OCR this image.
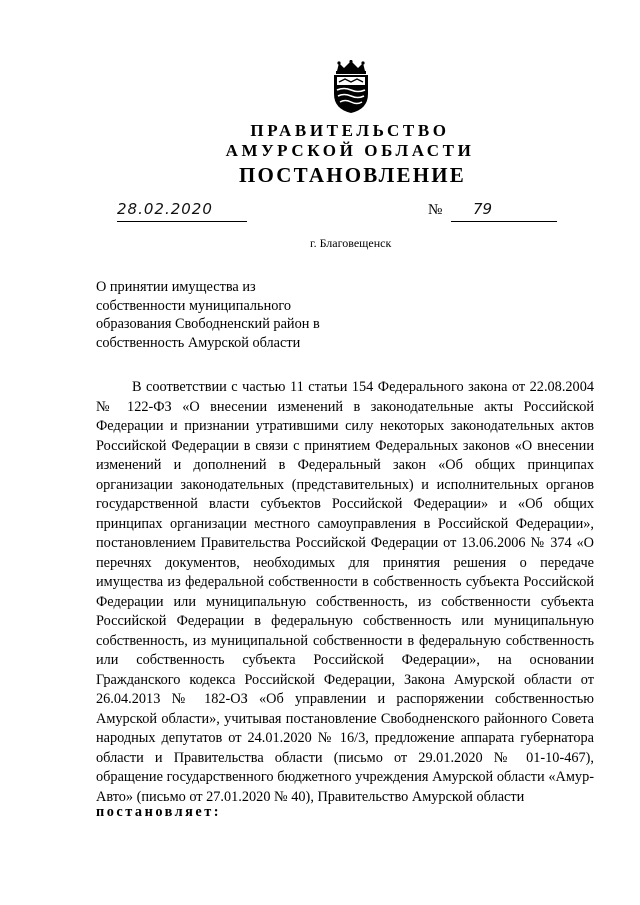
ПРАВИТЕЛЬСТВО
АМУРСКОЙ ОБЛАСТИ
ПОСТАНОВЛЕНИЕ
28.02.2020	№	79
г. Благовещенск
О принятии имущества из
собственности муниципального
образования Свободненский район в
собственность Амурской области

В соответствии с частью 11 статьи 154 Федерального закона от 22.08.2004 № 122-ФЗ «О внесении изменений в законодательные акты Российской Федерации и признании утратившими силу некоторых законодательных актов Российской Федерации в связи с принятием Федеральных законов «О внесении изменений и дополнений в Федеральный закон «Об общих принципах организации законодательных (представительных) и исполнительных органов государственной власти субъектов Российской Федерации» и «Об общих принципах организации местного самоуправления в Российской Федерации», постановлением Правительства Российской Федерации от 13.06.2006 № 374 «О перечнях документов, необходимых для принятия решения о передаче имущества из федеральной собственности в собственность субъекта Российской Федерации или муниципальную собственность, из собственности субъекта Российской Федерации в федеральную собственность или муниципальную собственность, из муниципальной собственности в федеральную собственность или собственность субъекта Российской Федерации», на основании Гражданского кодекса Российской Федерации, Закона Амурской области от 26.04.2013 № 182-ОЗ «Об управлении и распоряжении собственностью Амурской области», учитывая постановление Свободненского районного Совета народных депутатов от 24.01.2020 № 16/3, предложение аппарата губернатора области и Правительства области (письмо от 29.01.2020 № 01-10-467), обращение государственного бюджетного учреждения Амурской области «Амур-Авто» (письмо от 27.01.2020 № 40), Правительство Амурской области

постановляет:
